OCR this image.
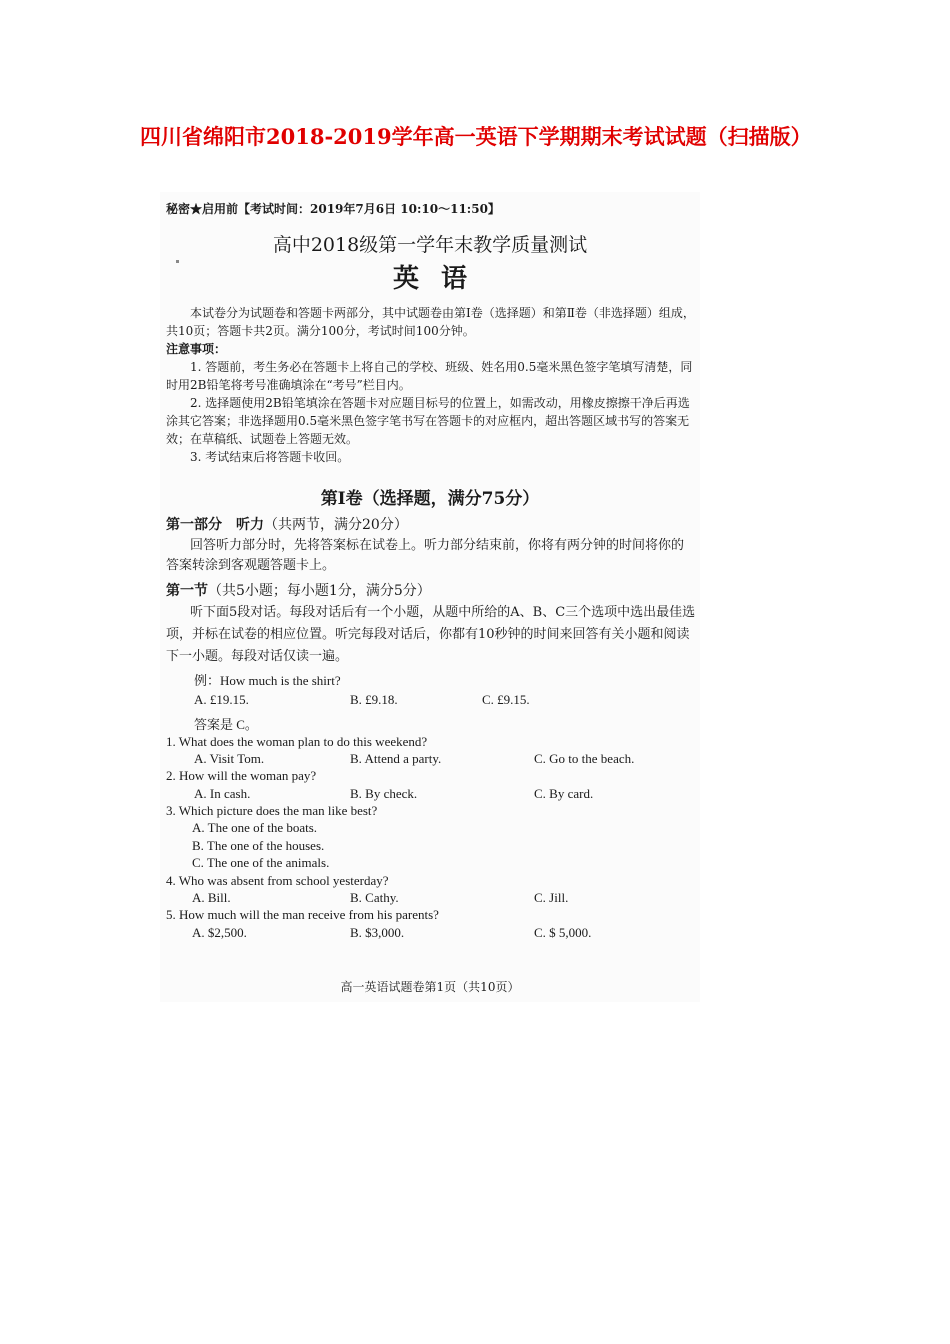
四川省绵阳市2018-2019学年高一英语下学期期末考试试题（扫描版）
秘密★启用前【考试时间：2019年7月6日 10:10～11:50】
高中2018级第一学年末教学质量测试
英语
本试卷分为试题卷和答题卡两部分，其中试题卷由第Ⅰ卷（选择题）和第Ⅱ卷（非选择题）组成，共10页；答题卡共2页。满分100分，考试时间100分钟。
注意事项：
1. 答题前，考生务必在答题卡上将自己的学校、班级、姓名用0.5毫米黑色签字笔填写清楚，同时用2B铅笔将考号准确填涂在“考号”栏目内。
2. 选择题使用2B铅笔填涂在答题卡对应题目标号的位置上，如需改动，用橡皮擦擦干净后再选涂其它答案；非选择题用0.5毫米黑色签字笔书写在答题卡的对应框内，超出答题区域书写的答案无效；在草稿纸、试题卷上答题无效。
3. 考试结束后将答题卡收回。
第Ⅰ卷（选择题，满分75分）
第一部分　听力（共两节，满分20分）
回答听力部分时，先将答案标在试卷上。听力部分结束前，你将有两分钟的时间将你的答案转涂到客观题答题卡上。
第一节（共5小题；每小题1分，满分5分）
听下面5段对话。每段对话后有一个小题，从题中所给的A、B、C三个选项中选出最佳选项，并标在试卷的相应位置。听完每段对话后，你都有10秒钟的时间来回答有关小题和阅读下一小题。每段对话仅读一遍。
例：How much is the shirt?
A. £19.15.	B. £9.18.	C. £9.15.
答案是 C。
1. What does the woman plan to do this weekend?
A. Visit Tom.	B. Attend a party.	C. Go to the beach.
2. How will the woman pay?
A. In cash.	B. By check.	C. By card.
3. Which picture does the man like best?
A. The one of the boats.
B. The one of the houses.
C. The one of the animals.
4. Who was absent from school yesterday?
A. Bill.	B. Cathy.	C. Jill.
5. How much will the man receive from his parents?
A. $2,500.	B. $3,000.	C. $ 5,000.
高一英语试题卷第1页（共10页）
